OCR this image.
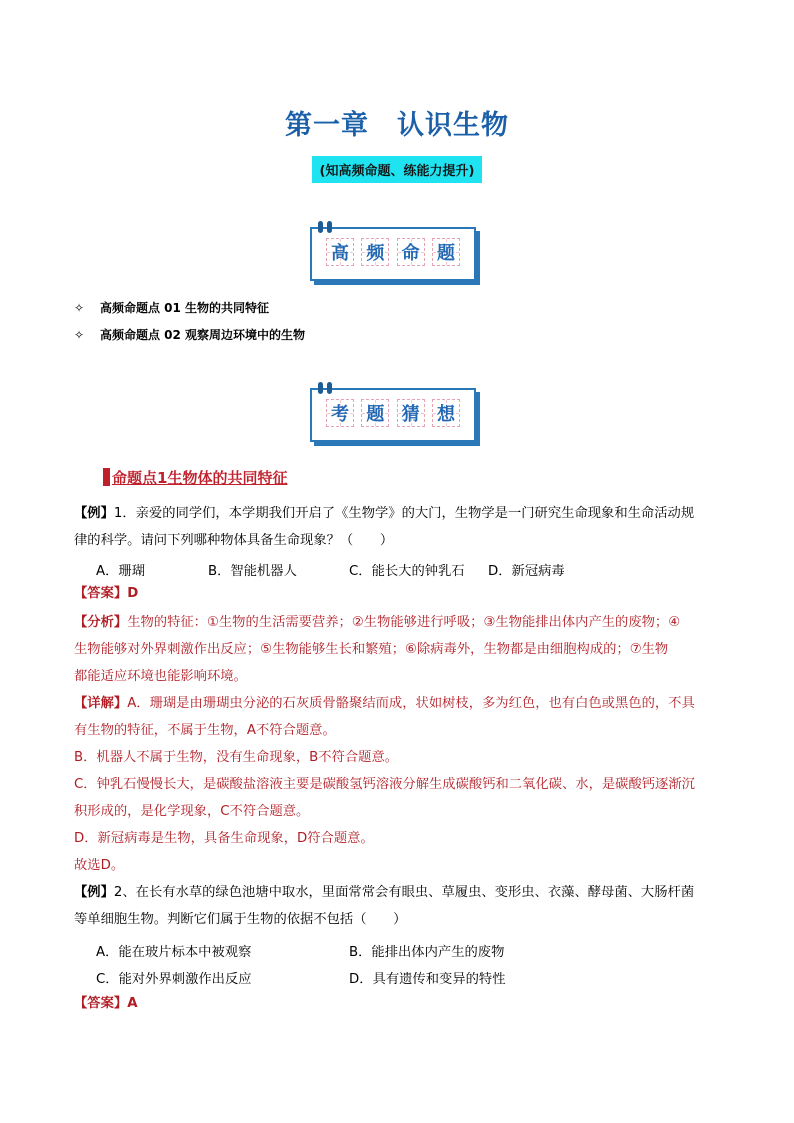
第一章　认识生物
(知高频命题、练能力提升)
高 频 命 题
✧ 高频命题点 01 生物的共同特征
✧ 高频命题点 02 观察周边环境中的生物
考 题 猜 想
命题点1生物体的共同特征
【例】1．亲爱的同学们，本学期我们开启了《生物学》的大门，生物学是一门研究生命现象和生命活动规
律的科学。请问下列哪种物体具备生命现象？（　　）
A．珊瑚	B．智能机器人	C．能长大的钟乳石 D．新冠病毒
【答案】D
【分析】生物的特征：①生物的生活需要营养；②生物能够进行呼吸；③生物能排出体内产生的废物；④
生物能够对外界刺激作出反应；⑤生物能够生长和繁殖；⑥除病毒外，生物都是由细胞构成的；⑦生物
都能适应环境也能影响环境。
【详解】A．珊瑚是由珊瑚虫分泌的石灰质骨骼聚结而成，状如树枝，多为红色，也有白色或黑色的，不具
有生物的特征，不属于生物，A不符合题意。
B．机器人不属于生物，没有生命现象，B不符合题意。
C．钟乳石慢慢长大，是碳酸盐溶液主要是碳酸氢钙溶液分解生成碳酸钙和二氧化碳、水，是碳酸钙逐渐沉
积形成的，是化学现象，C不符合题意。
D．新冠病毒是生物，具备生命现象，D符合题意。
故选D。
【例】2、在长有水草的绿色池塘中取水，里面常常会有眼虫、草履虫、变形虫、衣藻、酵母菌、大肠杆菌
等单细胞生物。判断它们属于生物的依据不包括（　　）
A．能在玻片标本中被观察	B．能排出体内产生的废物
C．能对外界刺激作出反应	D．具有遗传和变异的特性
【答案】A
